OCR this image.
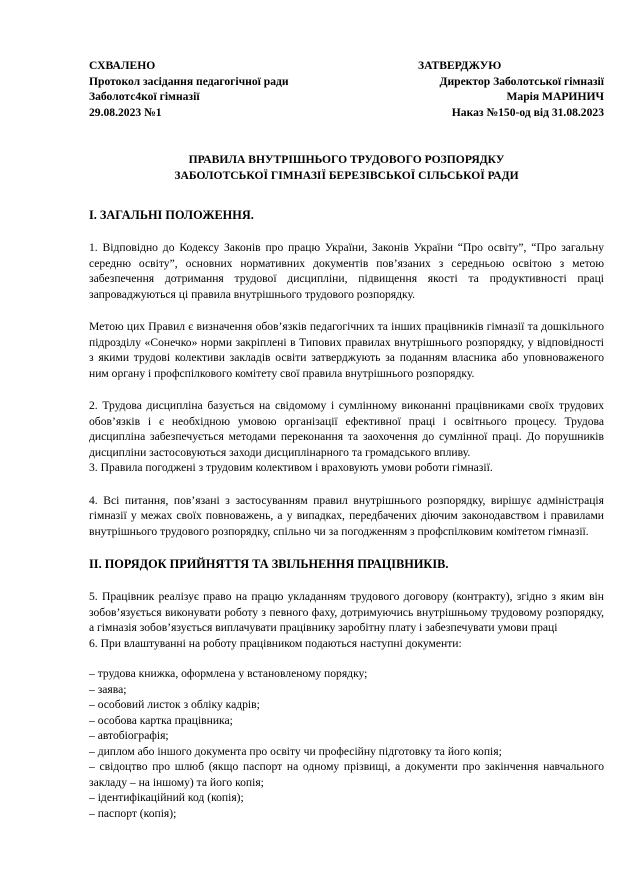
СХВАЛЕНО
Протокол засідання педагогічної ради
Заболотс4кої гімназії
29.08.2023 №1
ЗАТВЕРДЖУЮ
Директор Заболотської гімназії
Марія МАРИНИЧ
Наказ №150-од від 31.08.2023
ПРАВИЛА ВНУТРІШНЬОГО ТРУДОВОГО РОЗПОРЯДКУ
ЗАБОЛОТСЬКОЇ ГІМНАЗІЇ БЕРЕЗІВСЬКОЇ СІЛЬСЬКОЇ РАДИ
І. ЗАГАЛЬНІ ПОЛОЖЕННЯ.

1. Відповідно до Кодексу Законів про працю України, Законів України “Про освіту”, “Про загальну середню освіту”, основних нормативних документів пов’язаних з середньою освітою з метою забезпечення дотримання трудової дисципліни, підвищення якості та продуктивності праці запроваджуються ці правила внутрішнього трудового розпорядку.

Метою цих Правил є визначення обов’язків педагогічних та інших працівників гімназії та дошкільного підрозділу «Сонечко» норми закріплені в Типових правилах внутрішнього розпорядку, у відповідності з якими трудові колективи закладів освіти затверджують за поданням власника або уповноваженого ним органу і профспілкового комітету свої правила внутрішнього розпорядку.

2. Трудова дисципліна базується на свідомому і сумлінному виконанні працівниками своїх трудових обов’язків і є необхідною умовою організації ефективної праці і освітнього процесу. Трудова дисципліна забезпечується методами переконання та заохочення до сумлінної праці. До порушників дисципліни застосовуються заходи дисциплінарного та громадського впливу.

3. Правила погоджені з трудовим колективом і враховують умови роботи гімназії.

4. Всі питання, пов’язані з застосуванням правил внутрішнього розпорядку, вирішує адміністрація гімназії у межах своїх повноважень, а у випадках, передбачених діючим законодавством і правилами внутрішнього трудового розпорядку, спільно чи за погодженням з профспілковим комітетом гімназії.

ІІ. ПОРЯДОК ПРИЙНЯТТЯ ТА ЗВІЛЬНЕННЯ ПРАЦІВНИКІВ.

5. Працівник реалізує право на працю укладанням трудового договору (контракту), згідно з яким він зобов’язується виконувати роботу з певного фаху, дотримуючись внутрішньому трудовому розпорядку, а гімназія зобов’язується виплачувати працівнику заробітну плату і забезпечувати умови праці

6. При влаштуванні на роботу працівником подаються наступні документи:

– трудова книжка, оформлена у встановленому порядку;
– заява;
– особовий листок з обліку кадрів;
– особова картка працівника;
– автобіографія;
– диплом або іншого документа про освіту чи професійну підготовку та його копія;
– свідоцтво про шлюб (якщо паспорт на одному прізвищі, а документи про закінчення навчального закладу – на іншому) та його копія;
– ідентифікаційний код (копія);
– паспорт (копія);
